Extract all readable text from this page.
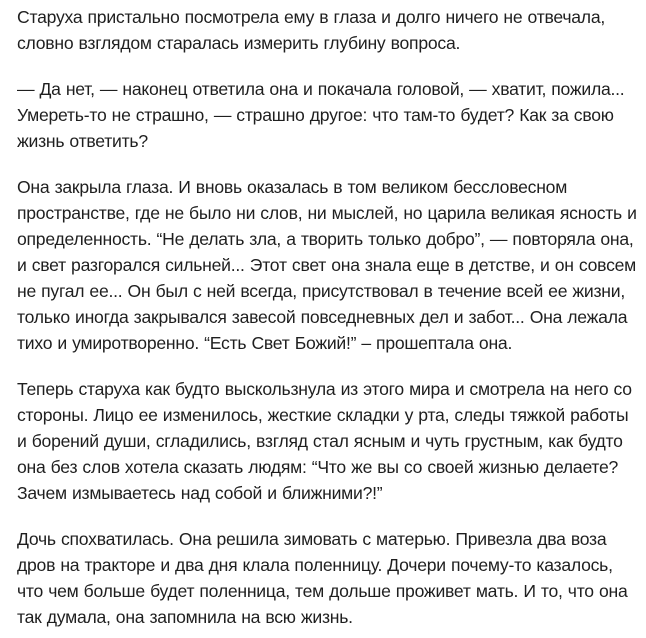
Старуха пристально посмотрела ему в глаза и долго ничего не отвечала, словно взглядом старалась измерить глубину вопроса.

— Да нет, — наконец ответила она и покачала головой, — хватит, пожила... Умереть-то не страшно, — страшно другое: что там-то будет? Как за свою жизнь ответить?

Она закрыла глаза. И вновь оказалась в том великом бессловесном пространстве, где не было ни слов, ни мыслей, но царила великая ясность и определенность. “Не делать зла, а творить только добро”, — повторяла она, и свет разгорался сильней... Этот свет она знала еще в детстве, и он совсем не пугал ее... Он был с ней всегда, присутствовал в течение всей ее жизни, только иногда закрывался завесой повседневных дел и забот... Она лежала тихо и умиротворенно. “Есть Свет Божий!” – прошептала она.

Теперь старуха как будто выскользнула из этого мира и смотрела на него со стороны. Лицо ее изменилось, жесткие складки у рта, следы тяжкой работы и борений души, сгладились, взгляд стал ясным и чуть грустным, как будто она без слов хотела сказать людям: “Что же вы со своей жизнью делаете? Зачем измываетесь над собой и ближними?!”

Дочь спохватилась. Она решила зимовать с матерью. Привезла два воза дров на тракторе и два дня клала поленницу. Дочери почему-то казалось, что чем больше будет поленница, тем дольше проживет мать. И то, что она так думала, она запомнила на всю жизнь.
